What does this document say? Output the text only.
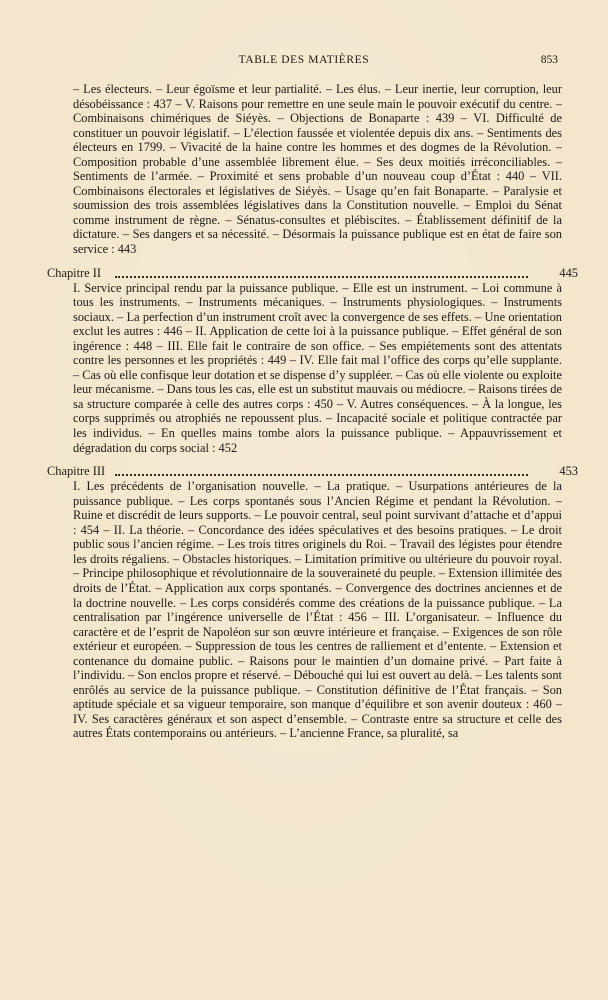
TABLE DES MATIÈRES	853

– Les électeurs. – Leur égoïsme et leur partialité. – Les élus. – Leur inertie, leur corruption, leur désobéissance : 437 – V. Raisons pour remettre en une seule main le pouvoir exécutif du centre. – Combinaisons chimériques de Siéyès. – Objections de Bonaparte : 439 – VI. Difficulté de constituer un pouvoir législatif. – L’élection faussée et violentée depuis dix ans. – Sentiments des électeurs en 1799. – Vivacité de la haine contre les hommes et des dogmes de la Révolution. – Composition probable d’une assemblée librement élue. – Ses deux moitiés irréconciliables. – Sentiments de l’armée. – Proximité et sens probable d’un nouveau coup d’État : 440 – VII. Combinaisons électorales et législatives de Siéyès. – Usage qu’en fait Bonaparte. – Paralysie et soumission des trois assemblées législatives dans la Constitution nouvelle. – Emploi du Sénat comme instrument de règne. – Sénatus-consultes et plébiscites. – Établissement définitif de la dictature. – Ses dangers et sa nécessité. – Désormais la puissance publique est en état de faire son service : 443

Chapitre II	445

I. Service principal rendu par la puissance publique. – Elle est un instrument. – Loi commune à tous les instruments. – Instruments mécaniques. – Instruments physiologiques. – Instruments sociaux. – La perfection d’un instrument croît avec la convergence de ses effets. – Une orientation exclut les autres : 446 – II. Application de cette loi à la puissance publique. – Effet général de son ingérence : 448 – III. Elle fait le contraire de son office. – Ses empiétements sont des attentats contre les personnes et les propriétés : 449 – IV. Elle fait mal l’office des corps qu’elle supplante. – Cas où elle confisque leur dotation et se dispense d’y suppléer. – Cas où elle violente ou exploite leur mécanisme. – Dans tous les cas, elle est un substitut mauvais ou médiocre. – Raisons tirées de sa structure comparée à celle des autres corps : 450 – V. Autres conséquences. – À la longue, les corps supprimés ou atrophiés ne repoussent plus. – Incapacité sociale et politique contractée par les individus. – En quelles mains tombe alors la puissance publique. – Appauvrissement et dégradation du corps social : 452

Chapitre III	453

I. Les précédents de l’organisation nouvelle. – La pratique. – Usurpations antérieures de la puissance publique. – Les corps spontanés sous l’Ancien Régime et pendant la Révolution. – Ruine et discrédit de leurs supports. – Le pouvoir central, seul point survivant d’attache et d’appui : 454 – II. La théorie. – Concordance des idées spéculatives et des besoins pratiques. – Le droit public sous l’ancien régime. – Les trois titres originels du Roi. – Travail des légistes pour étendre les droits régaliens. – Obstacles historiques. – Limitation primitive ou ultérieure du pouvoir royal. – Principe philosophique et révolutionnaire de la souveraineté du peuple. – Extension illimitée des droits de l’État. – Application aux corps spontanés. – Convergence des doctrines anciennes et de la doctrine nouvelle. – Les corps considérés comme des créations de la puissance publique. – La centralisation par l’ingérence universelle de l’État : 456 – III. L’organisateur. – Influence du caractère et de l’esprit de Napoléon sur son œuvre intérieure et française. – Exigences de son rôle extérieur et européen. – Suppression de tous les centres de ralliement et d’entente. – Extension et contenance du domaine public. – Raisons pour le maintien d’un domaine privé. – Part faite à l’individu. – Son enclos propre et réservé. – Débouché qui lui est ouvert au delà. – Les talents sont enrôlés au service de la puissance publique. – Constitution définitive de l’État français. – Son aptitude spéciale et sa vigueur temporaire, son manque d’équilibre et son avenir douteux : 460 – IV. Ses caractères généraux et son aspect d’ensemble. – Contraste entre sa structure et celle des autres États contemporains ou antérieurs. – L’ancienne France, sa pluralité, sa
